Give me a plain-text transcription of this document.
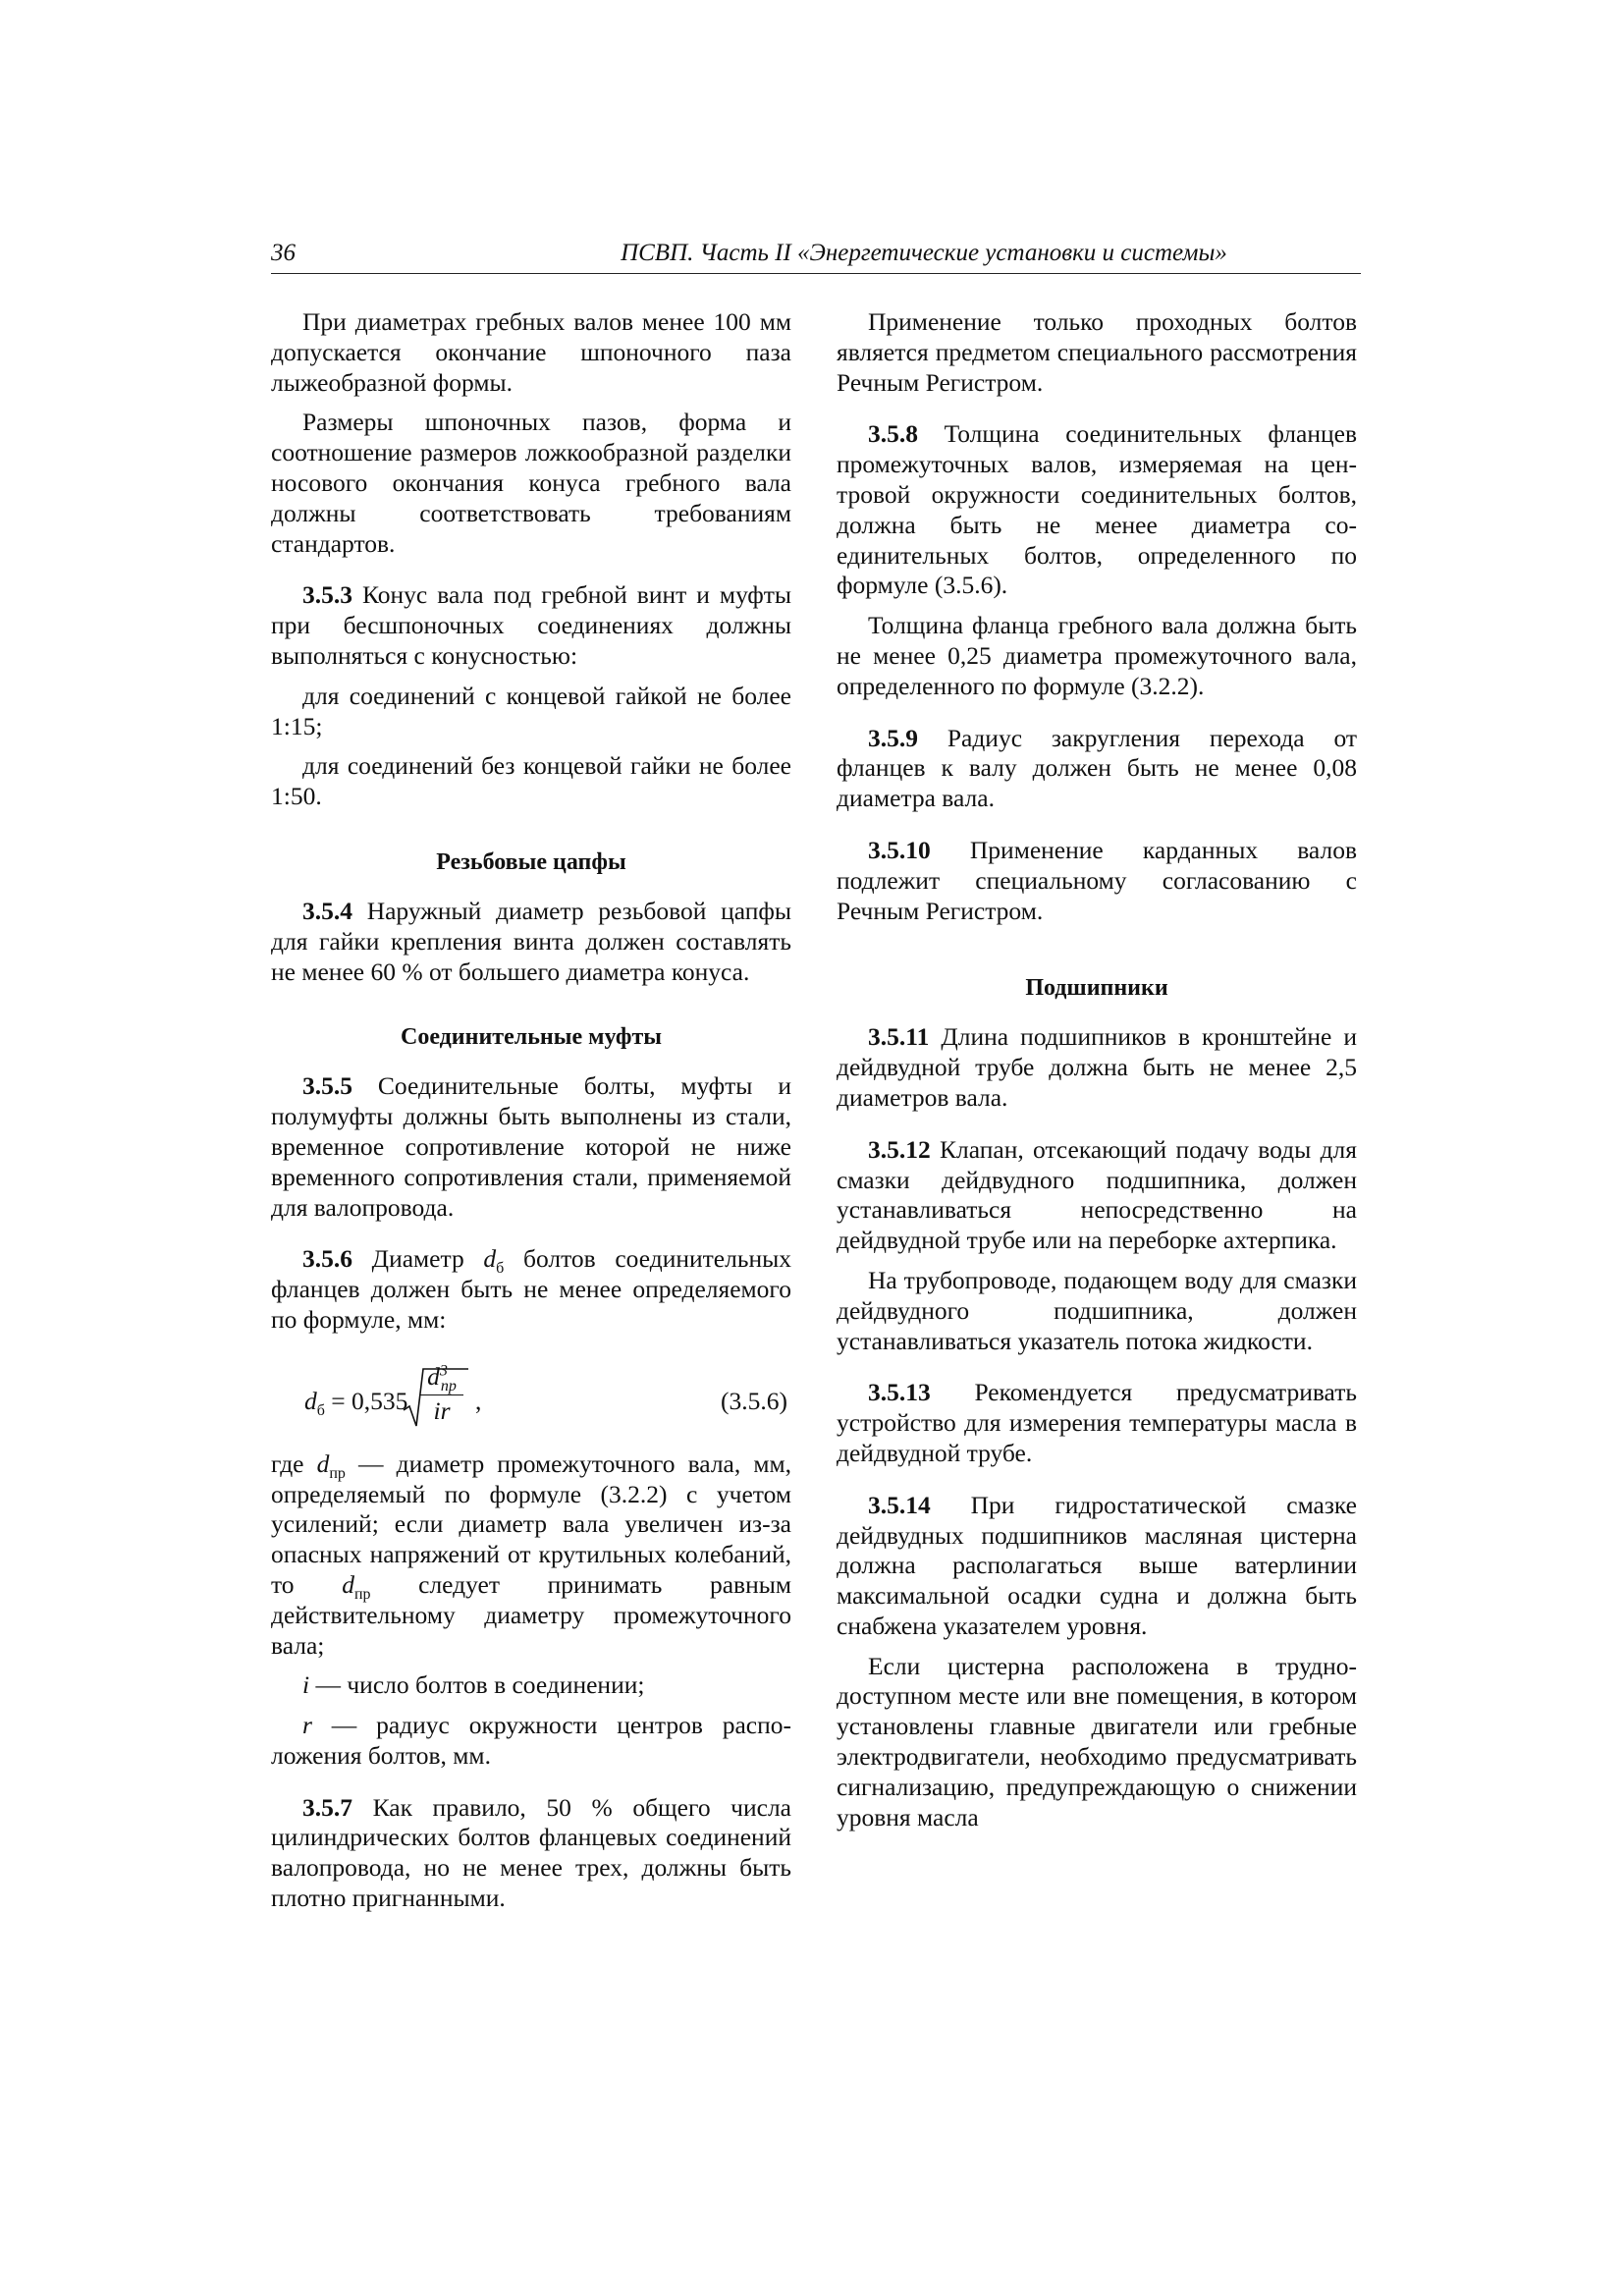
36	ПСВП. Часть II «Энергетические установки и системы»

При диаметрах гребных валов менее 100 мм допускается окончание шпоночного паза лыжеобразной формы.

Размеры шпоночных пазов, форма и соотношение размеров ложкообразной разделки носового окончания конуса гребного вала должны соответствовать требованиям стандартов.

3.5.3 Конус вала под гребной винт и муфты при бесшпоночных соединениях должны выполняться с конусностью:

для соединений с концевой гайкой не более 1:15;

для соединений без концевой гайки не более 1:50.

Резьбовые цапфы

3.5.4 Наружный диаметр резьбовой цапфы для гайки крепления винта должен составлять не менее 60 % от большего диаметра конуса.

Соединительные муфты

3.5.5 Соединительные болты, муфты и полумуфты должны быть выполнены из стали, временное сопротивление которой не ниже временного сопротивления стали, применяемой для валопровода.

3.5.6 Диаметр $d_б$ болтов соединительных фланцев должен быть не менее определяемого по формуле, мм:

$d_б = 0,535$
$d^3_{пр}$
ir	,	(3.5.6)

где $d_{пр}$ — диаметр промежуточного вала, мм, определяемый по формуле (3.2.2) с учетом усилений; если диаметр вала увеличен из-за опасных напряжений от крутильных колебаний, то $d_{пр}$ следует принимать равным действительному диаметру промежуточного вала;

i — число болтов в соединении;

r — радиус окружности центров расположения болтов, мм.

3.5.7 Как правило, 50 % общего числа цилиндрических болтов фланцевых соединений валопровода, но не менее трех, должны быть плотно пригнанными.

Применение только проходных болтов является предметом специального рассмотрения Речным Регистром.

3.5.8 Толщина соединительных фланцев промежуточных валов, измеряемая на центровой окружности соединительных болтов, должна быть не менее диаметра соединительных болтов, определенного по формуле (3.5.6).

Толщина фланца гребного вала должна быть не менее 0,25 диаметра промежуточного вала, определенного по формуле (3.2.2).

3.5.9 Радиус закругления перехода от фланцев к валу должен быть не менее 0,08 диаметра вала.

3.5.10 Применение карданных валов подлежит специальному согласованию с Речным Регистром.

Подшипники

3.5.11 Длина подшипников в кронштейне и дейдвудной трубе должна быть не менее 2,5 диаметров вала.

3.5.12 Клапан, отсекающий подачу воды для смазки дейдвудного подшипника, должен устанавливаться непосредственно на дейдвудной трубе или на переборке ахтерпика.

На трубопроводе, подающем воду для смазки дейдвудного подшипника, должен устанавливаться указатель потока жидкости.

3.5.13 Рекомендуется предусматривать устройство для измерения температуры масла в дейдвудной трубе.

3.5.14 При гидростатической смазке дейдвудных подшипников масляная цистерна должна располагаться выше ватерлинии максимальной осадки судна и должна быть снабжена указателем уровня.

Если цистерна расположена в труднодоступном месте или вне помещения, в котором установлены главные двигатели или гребные электродвигатели, необходимо предусматривать сигнализацию, предупреждающую о снижении уровня масла
